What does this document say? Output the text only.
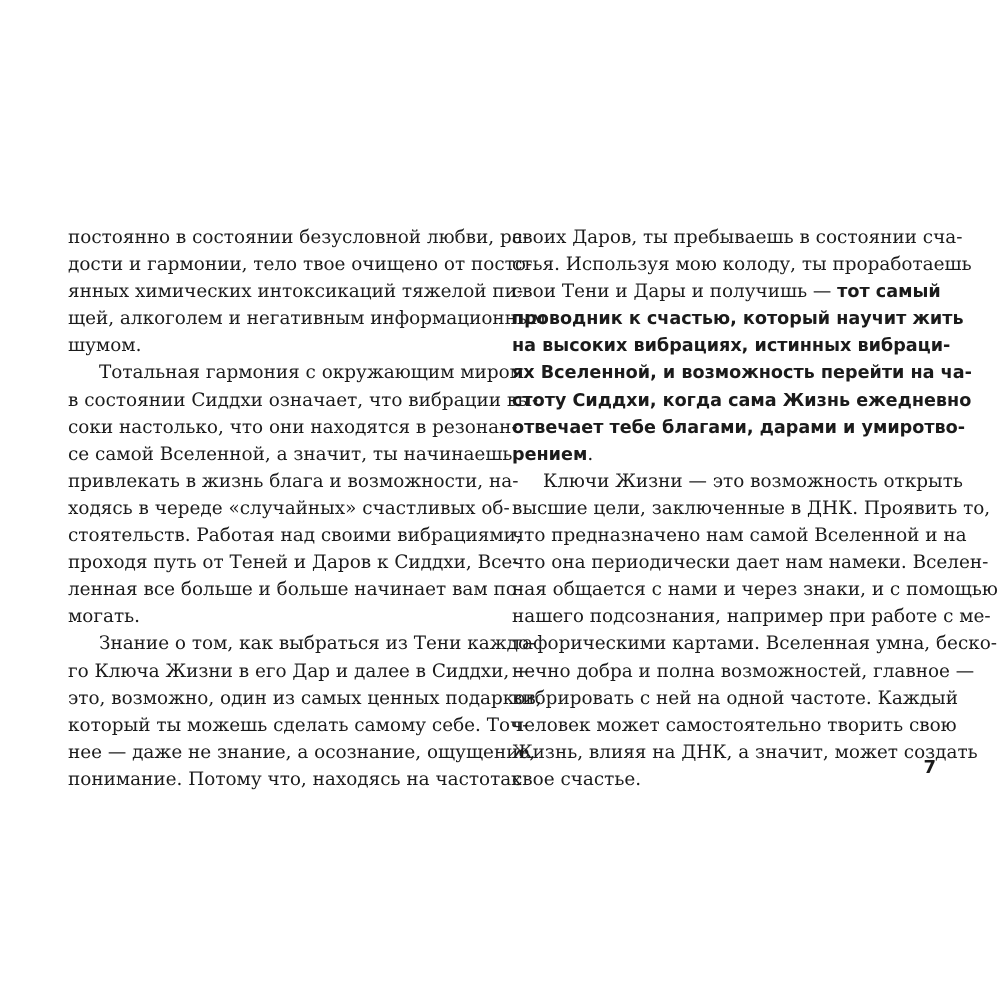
постоянно в состоянии безусловной любви, ра-
дости и гармонии, тело твое очищено от посто-
янных химических интоксикаций тяжелой пи-
щей, алкоголем и негативным информационным
шумом.
Тотальная гармония с окружающим миром
в состоянии Сиддхи означает, что вибрации вы-
соки настолько, что они находятся в резонан-
се самой Вселенной, а значит, ты начинаешь
привлекать в жизнь блага и возможности, на-
ходясь в череде «случайных» счастливых об-
стоятельств. Работая над своими вибрациями,
проходя путь от Теней и Даров к Сиддхи, Все-
ленная все больше и больше начинает вам по-
могать.
Знание о том, как выбраться из Тени каждо-
го Ключа Жизни в его Дар и далее в Сиддхи, —
это, возможно, один из самых ценных подарков,
который ты можешь сделать самому себе. Точ-
нее — даже не знание, а осознание, ощущение,
понимание. Потому что, находясь на частотах
своих Даров, ты пребываешь в состоянии сча-
стья. Используя мою колоду, ты проработаешь
свои Тени и Дары и получишь — тот самый
проводник к счастью, который научит жить
на высоких вибрациях, истинных вибраци-
ях Вселенной, и возможность перейти на ча-
стоту Сиддхи, когда сама Жизнь ежедневно
отвечает тебе благами, дарами и умиротво-
рением.
Ключи Жизни — это возможность открыть
высшие цели, заключенные в ДНК. Проявить то,
что предназначено нам самой Вселенной и на
что она периодически дает нам намеки. Вселен-
ная общается с нами и через знаки, и с помощью
нашего подсознания, например при работе с ме-
тафорическими картами. Вселенная умна, беско-
нечно добра и полна возможностей, главное —
вибрировать с ней на одной частоте. Каждый
человек может самостоятельно творить свою
Жизнь, влияя на ДНК, а значит, может создать
свое счастье.
7
